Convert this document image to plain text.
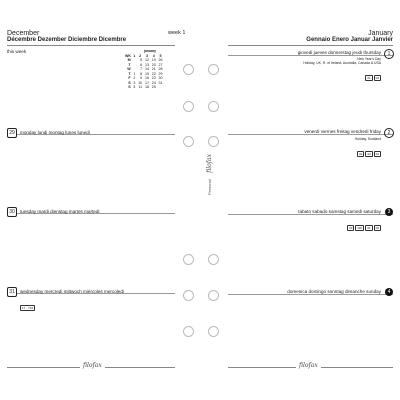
December
Décembre Dezember Diciembre Dicembre
week 1
this week	january
WK	1	2	3	4	5
M		5	12	19	26
T		6	13	20	27
W		7	14	21	28
T	1	8	15	22	29
F	2	9	16	23	30
S	3	10	17	24	31
S	4	11	18	25	
29	monday lundi montag lunes lunedi
30	tuesday mardi dienstag martes martedi
31	wednesday mercredi mittwoch miércoles mercoledi
17 · 716
filofax
Personal filofax
January
Gennaio Enero Januar Janvier
1
giovedi jueves donnerstag jeudi thursday
New Year's Day
Holiday, UK, R. of Ireland, Australia, Canada & USA
01 02
2
venerdi viernes freitag vendredi friday
Holiday, Scotland
02 03 02
3
tabato sabado samstag samedi saturday
03 WK 01 00
4
domenica domingo sonntag dimanche sunday
filofax
